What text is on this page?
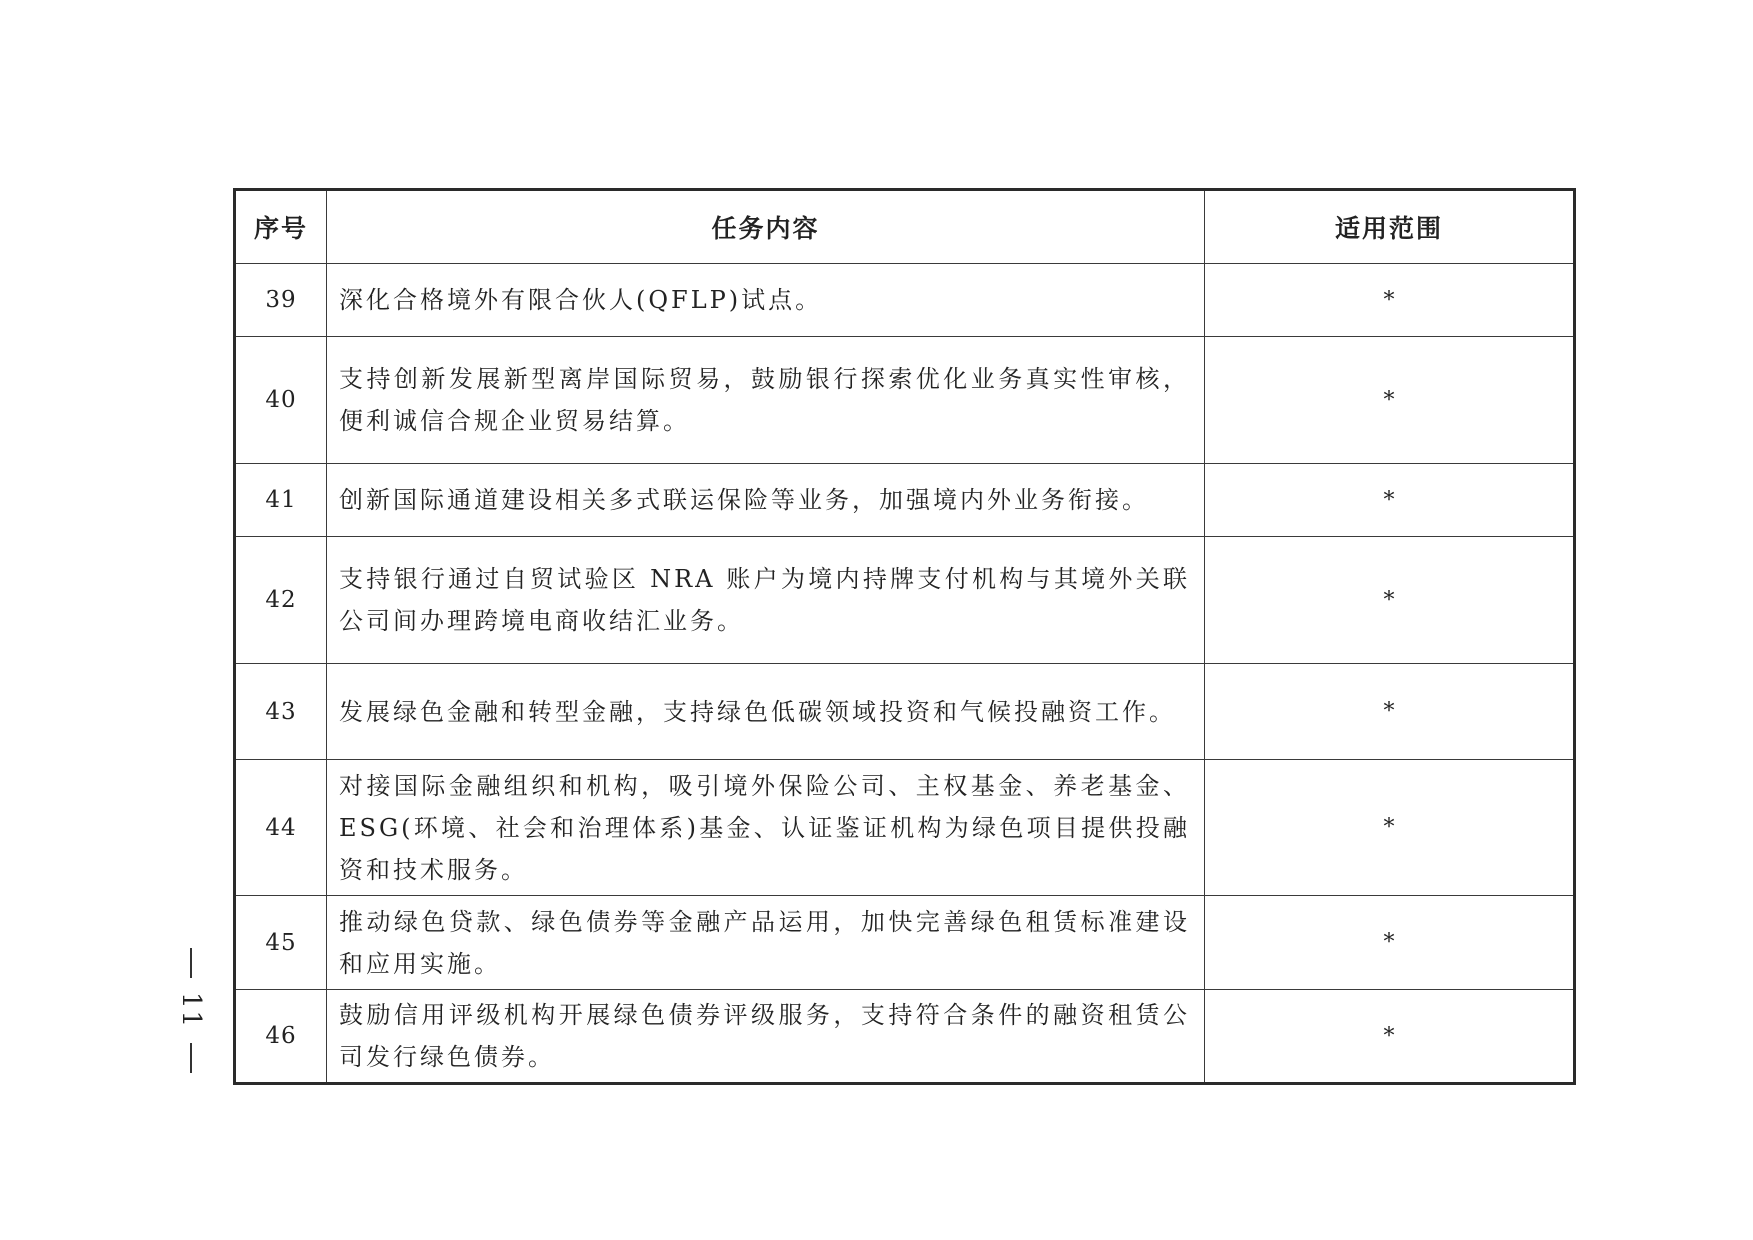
序号	任务内容	适用范围
39	深化合格境外有限合伙人(QFLP)试点。	*
40	支持创新发展新型离岸国际贸易，鼓励银行探索优化业务真实性审核，便利诚信合规企业贸易结算。	*
41	创新国际通道建设相关多式联运保险等业务，加强境内外业务衔接。	*
42	支持银行通过自贸试验区 NRA 账户为境内持牌支付机构与其境外关联公司间办理跨境电商收结汇业务。	*
43	发展绿色金融和转型金融，支持绿色低碳领域投资和气候投融资工作。	*
44	对接国际金融组织和机构，吸引境外保险公司、主权基金、养老基金、ESG(环境、社会和治理体系)基金、认证鉴证机构为绿色项目提供投融资和技术服务。	*
45	推动绿色贷款、绿色债券等金融产品运用，加快完善绿色租赁标准建设和应用实施。	*
46	鼓励信用评级机构开展绿色债券评级服务，支持符合条件的融资租赁公司发行绿色债券。	*
11
